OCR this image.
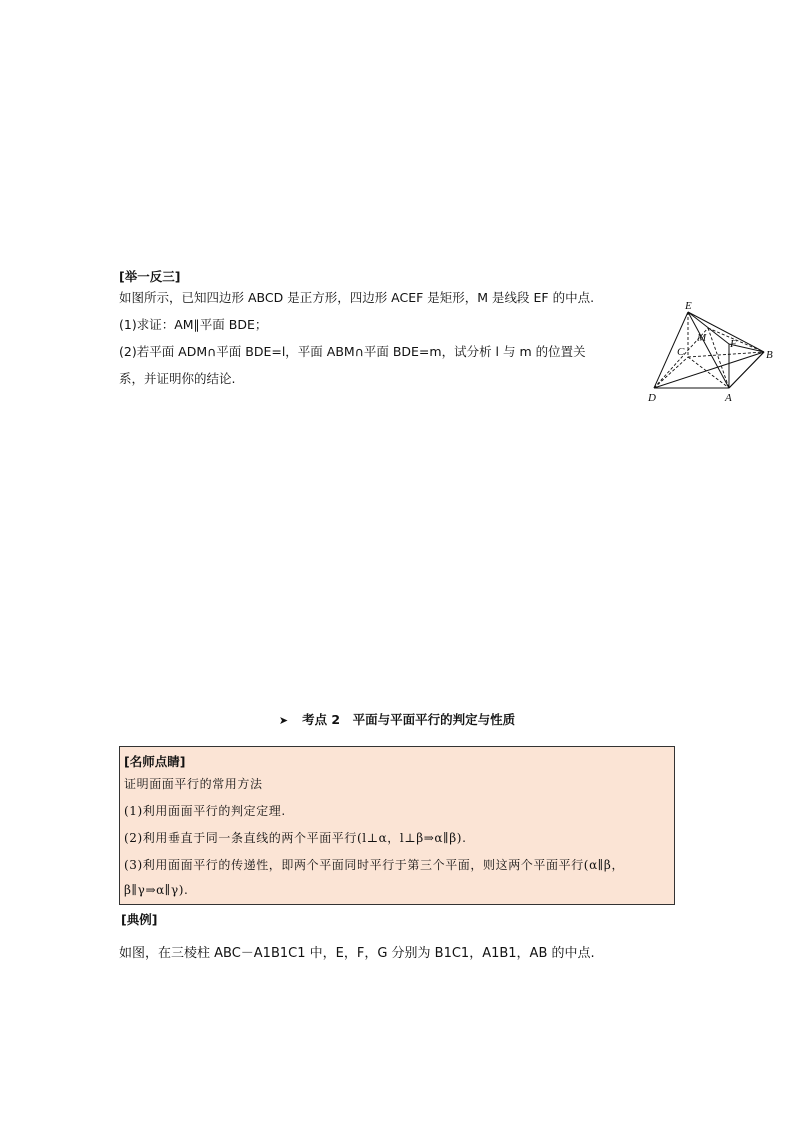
[举一反三]
如图所示，已知四边形 ABCD 是正方形，四边形 ACEF 是矩形，M 是线段 EF 的中点.
(1)求证：AM∥平面 BDE；
(2)若平面 ADM∩平面 BDE=l，平面 ABM∩平面 BDE=m，试分析 l 与 m 的位置关
系，并证明你的结论.
E
M
C
F
B
D	A
➤ 考点 2　平面与平面平行的判定与性质
[名师点睛]
证明面面平行的常用方法
(1)利用面面平行的判定定理.
(2)利用垂直于同一条直线的两个平面平行(l⊥α，l⊥β⇒α∥β).
(3)利用面面平行的传递性，即两个平面同时平行于第三个平面，则这两个平面平行(α∥β，
β∥γ⇒α∥γ).
[典例]
如图，在三棱柱 ABC－A1B1C1 中，E，F，G 分别为 B1C1，A1B1，AB 的中点.
